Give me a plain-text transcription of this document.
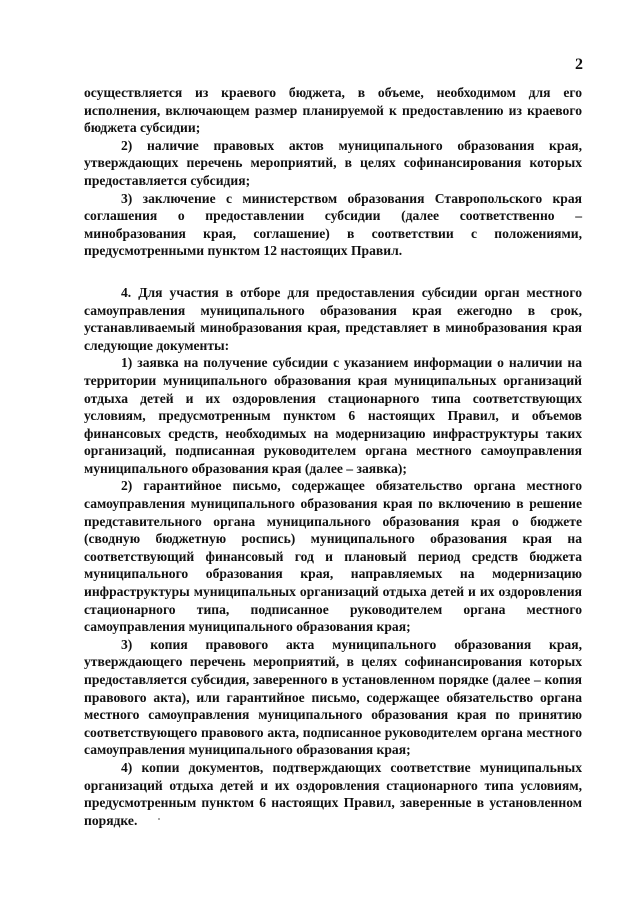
2

осуществляется из краевого бюджета, в объеме, необходимом для его исполнения, включающем размер планируемой к предоставлению из краевого бюджета субсидии;

2) наличие правовых актов муниципального образования края, утверждающих перечень мероприятий, в целях софинансирования которых предоставляется субсидия;

3) заключение с министерством образования Ставропольского края соглашения о предоставлении субсидии (далее соответственно – минобразования края, соглашение) в соответствии с положениями, предусмотренными пунктом 12 настоящих Правил.

4. Для участия в отборе для предоставления субсидии орган местного самоуправления муниципального образования края ежегодно в срок, устанавливаемый минобразования края, представляет в минобразования края следующие документы:

1) заявка на получение субсидии с указанием информации о наличии на территории муниципального образования края муниципальных организаций отдыха детей и их оздоровления стационарного типа соответствующих условиям, предусмотренным пунктом 6 настоящих Правил, и объемов финансовых средств, необходимых на модернизацию инфраструктуры таких организаций, подписанная руководителем органа местного самоуправления муниципального образования края (далее – заявка);

2) гарантийное письмо, содержащее обязательство органа местного самоуправления муниципального образования края по включению в решение представительного органа муниципального образования края о бюджете (сводную бюджетную роспись) муниципального образования края на соответствующий финансовый год и плановый период средств бюджета муниципального образования края, направляемых на модернизацию инфраструктуры муниципальных организаций отдыха детей и их оздоровления стационарного типа, подписанное руководителем органа местного самоуправления муниципального образования края;

3) копия правового акта муниципального образования края, утверждающего перечень мероприятий, в целях софинансирования которых предоставляется субсидия, заверенного в установленном порядке (далее – копия правового акта), или гарантийное письмо, содержащее обязательство органа местного самоуправления муниципального образования края по принятию соответствующего правового акта, подписанное руководителем органа местного самоуправления муниципального образования края;

4) копии документов, подтверждающих соответствие муниципальных организаций отдыха детей и их оздоровления стационарного типа условиям, предусмотренным пунктом 6 настоящих Правил, заверенные в установленном порядке.
